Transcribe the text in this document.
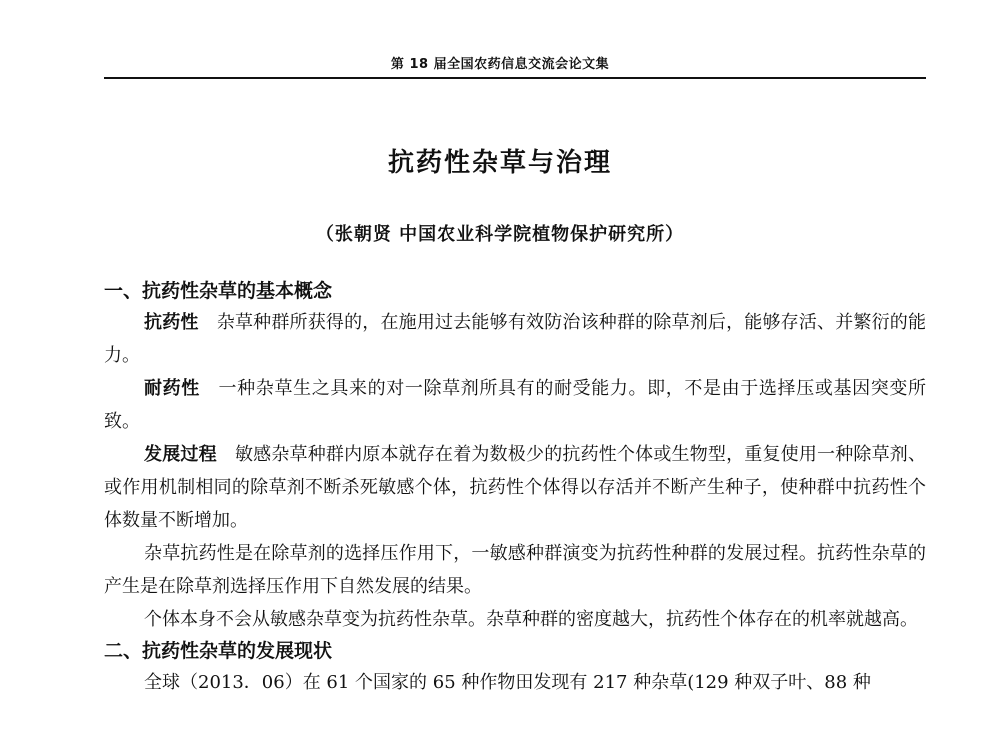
第 18 届全国农药信息交流会论文集
抗药性杂草与治理
（张朝贤 中国农业科学院植物保护研究所）

一、抗药性杂草的基本概念

抗药性 杂草种群所获得的，在施用过去能够有效防治该种群的除草剂后，能够存活、并繁衍的能力。

耐药性 一种杂草生之具来的对一除草剂所具有的耐受能力。即，不是由于选择压或基因突变所致。

发展过程 敏感杂草种群内原本就存在着为数极少的抗药性个体或生物型，重复使用一种除草剂、或作用机制相同的除草剂不断杀死敏感个体，抗药性个体得以存活并不断产生种子，使种群中抗药性个体数量不断增加。

杂草抗药性是在除草剂的选择压作用下，一敏感种群演变为抗药性种群的发展过程。抗药性杂草的产生是在除草剂选择压作用下自然发展的结果。

个体本身不会从敏感杂草变为抗药性杂草。杂草种群的密度越大，抗药性个体存在的机率就越高。

二、抗药性杂草的发展现状

全球（2013．06）在 61 个国家的 65 种作物田发现有 217 种杂草(129 种双子叶、88 种
